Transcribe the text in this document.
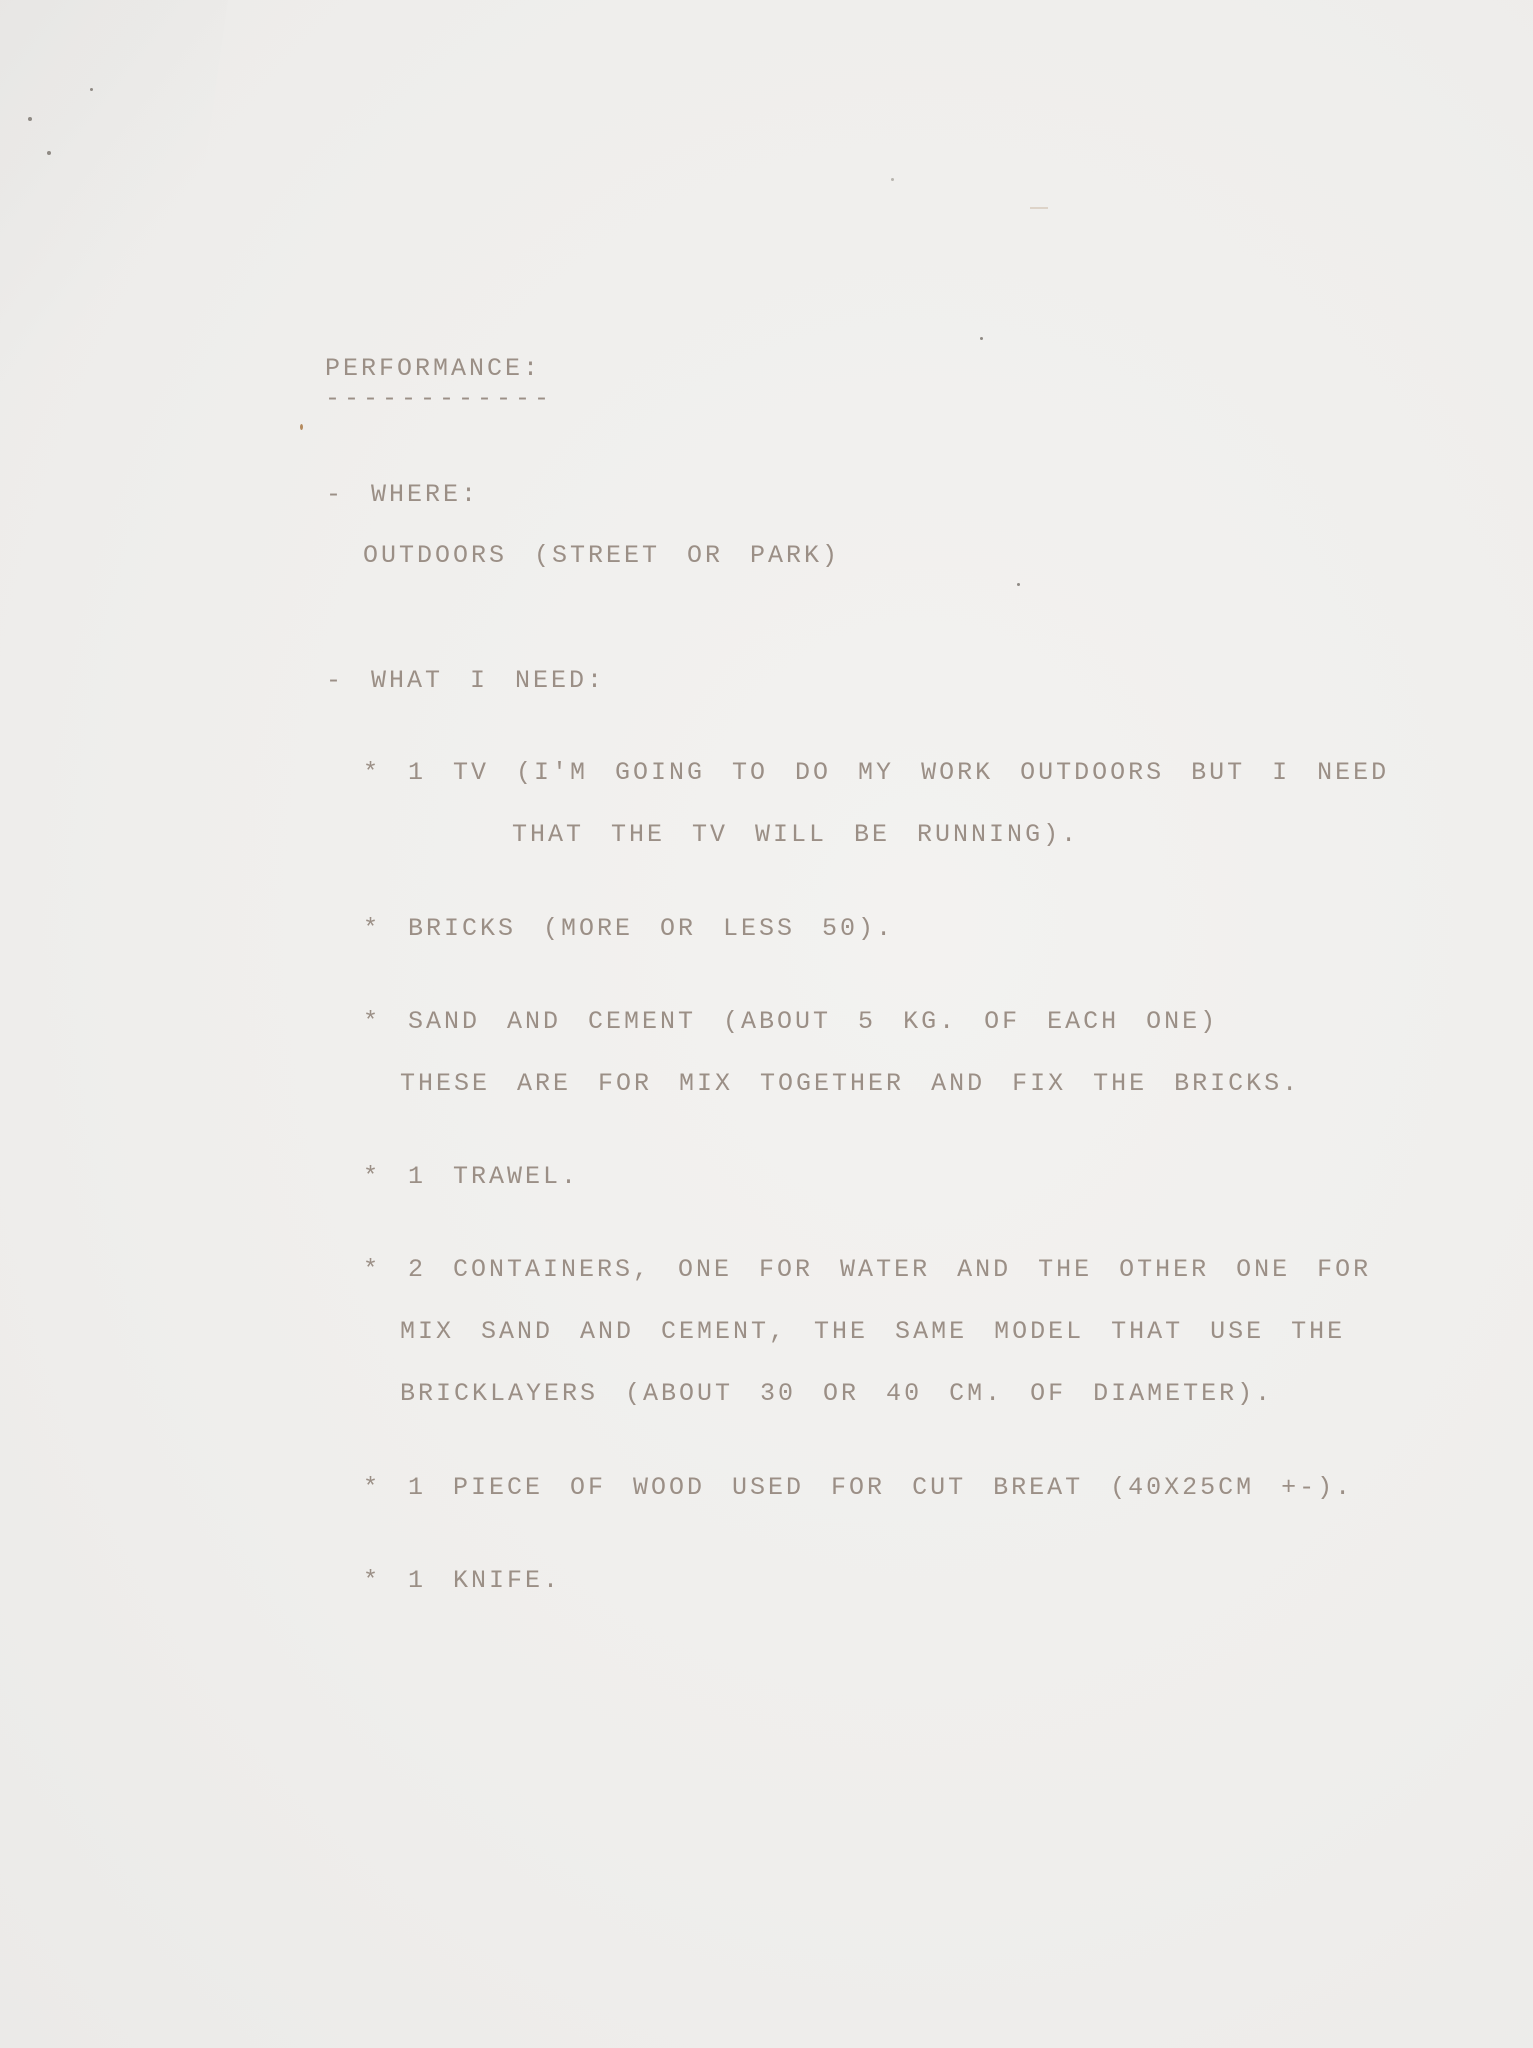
PERFORMANCE:

------------

- WHERE:

OUTDOORS (STREET OR PARK)

- WHAT I NEED:

* 1 TV (I'M GOING TO DO MY WORK OUTDOORS BUT I NEED

THAT THE TV WILL BE RUNNING).

* BRICKS (MORE OR LESS 50).

* SAND AND CEMENT (ABOUT 5 KG. OF EACH ONE)

THESE ARE FOR MIX TOGETHER AND FIX THE BRICKS.

* 1 TRAWEL.

* 2 CONTAINERS, ONE FOR WATER AND THE OTHER ONE FOR

MIX SAND AND CEMENT, THE SAME MODEL THAT USE THE

BRICKLAYERS (ABOUT 30 OR 40 CM. OF DIAMETER).

* 1 PIECE OF WOOD USED FOR CUT BREAT (40X25CM +-).

* 1 KNIFE.
